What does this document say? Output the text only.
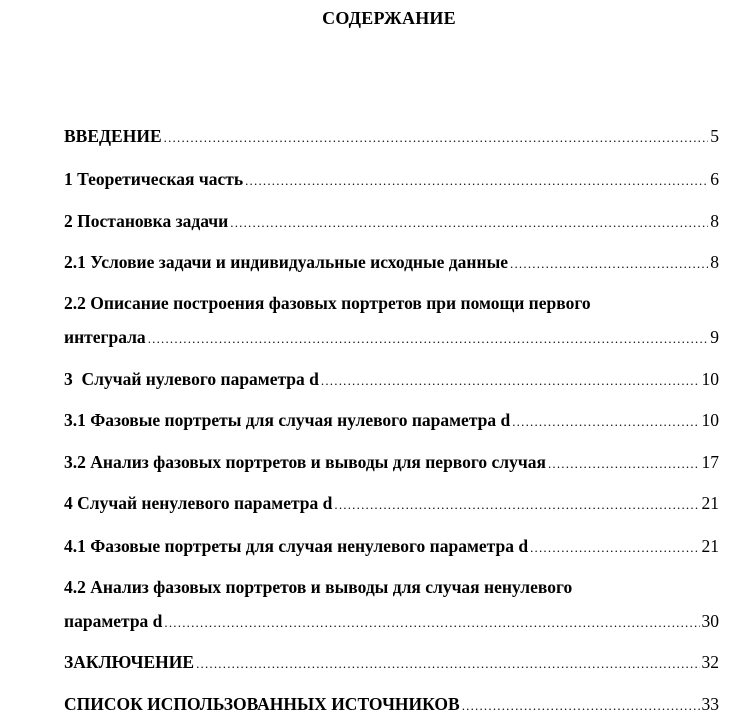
СОДЕРЖАНИЕ
ВВЕДЕНИЕ .....	5
1 Теоретическая часть .....	6
2 Постановка задачи .....	8
2.1 Условие задачи и индивидуальные исходные данные .....	8
2.2 Описание построения фазовых портретов при помощи первого
интеграла .....	9
3  Случай нулевого параметра d .....	10
3.1 Фазовые портреты для случая нулевого параметра d .....	10
3.2 Анализ фазовых портретов и выводы для первого случая .....	17
4 Случай ненулевого параметра d .....	21
4.1 Фазовые портреты для случая ненулевого параметра d .....	21
4.2 Анализ фазовых портретов и выводы для случая ненулевого
параметра d .....	30
ЗАКЛЮЧЕНИЕ .....	32
СПИСОК ИСПОЛЬЗОВАННЫХ ИСТОЧНИКОВ .....	33
